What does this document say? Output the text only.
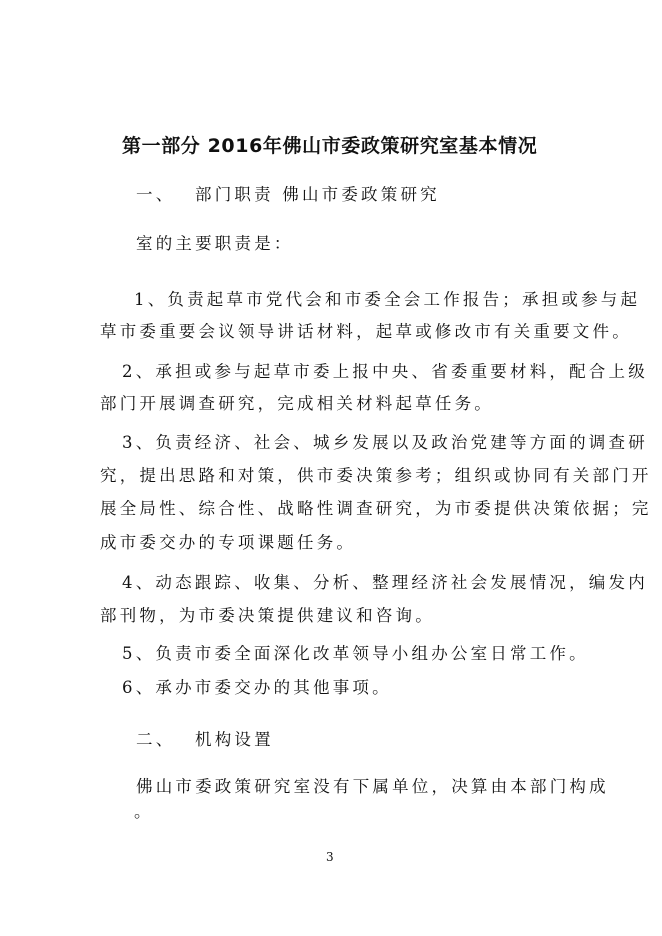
第一部分 2016年佛山市委政策研究室基本情况
一、 部门职责 佛山市委政策研究
室的主要职责是：
1、负责起草市党代会和市委全会工作报告；承担或参与起
草市委重要会议领导讲话材料，起草或修改市有关重要文件。
2、承担或参与起草市委上报中央、省委重要材料，配合上级
部门开展调查研究，完成相关材料起草任务。
3、负责经济、社会、城乡发展以及政治党建等方面的调查研
究，提出思路和对策，供市委决策参考；组织或协同有关部门开
展全局性、综合性、战略性调查研究，为市委提供决策依据；完
成市委交办的专项课题任务。
4、动态跟踪、收集、分析、整理经济社会发展情况，编发内
部刊物，为市委决策提供建议和咨询。
5、负责市委全面深化改革领导小组办公室日常工作。
6、承办市委交办的其他事项。
二、 机构设置
佛山市委政策研究室没有下属单位，决算由本部门构成
。
3
